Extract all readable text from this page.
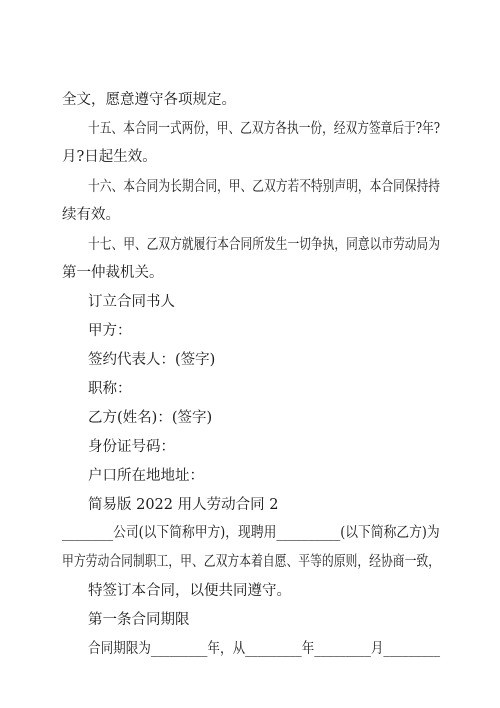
全文，愿意遵守各项规定。
十五、本合同一式两份，甲、乙双方各执一份，经双方签章后于?年?
月?日起生效。
十六、本合同为长期合同，甲、乙双方若不特别声明，本合同保持持
续有效。
十七、甲、乙双方就履行本合同所发生一切争执，同意以市劳动局为
第一仲裁机关。
订立合同书人
甲方：
签约代表人：(签字)
职称：
乙方(姓名)：(签字)
身份证号码：
户口所在地地址：
简易版 2022 用人劳动合同 2
________公司(以下简称甲方)，现聘用__________(以下简称乙方)为
甲方劳动合同制职工，甲、乙双方本着自愿、平等的原则，经协商一致，
特签订本合同，以便共同遵守。
第一条合同期限
合同期限为_________年，从_________年_________月_________
